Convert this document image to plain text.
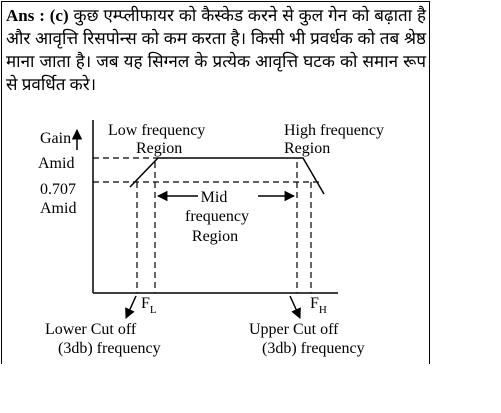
Ans : (c) कुछ एम्प्लीफायर को कैस्केड करने से कुल गेन को बढ़ाता है और आवृत्ति रिसपोन्स को कम करता है। किसी भी प्रवर्धक को तब श्रेष्ठ माना जाता है। जब यह सिग्नल के प्रत्येक आवृत्ति घटक को समान रूप से प्रवर्धित करे।

Gain
Amid
0.707
Amid
Low frequency
Region
High frequency
Region
Mid
frequency
Region
$F_L$	$F_H$
Lower Cut off
(3db) frequency
Upper Cut off
(3db) frequency
